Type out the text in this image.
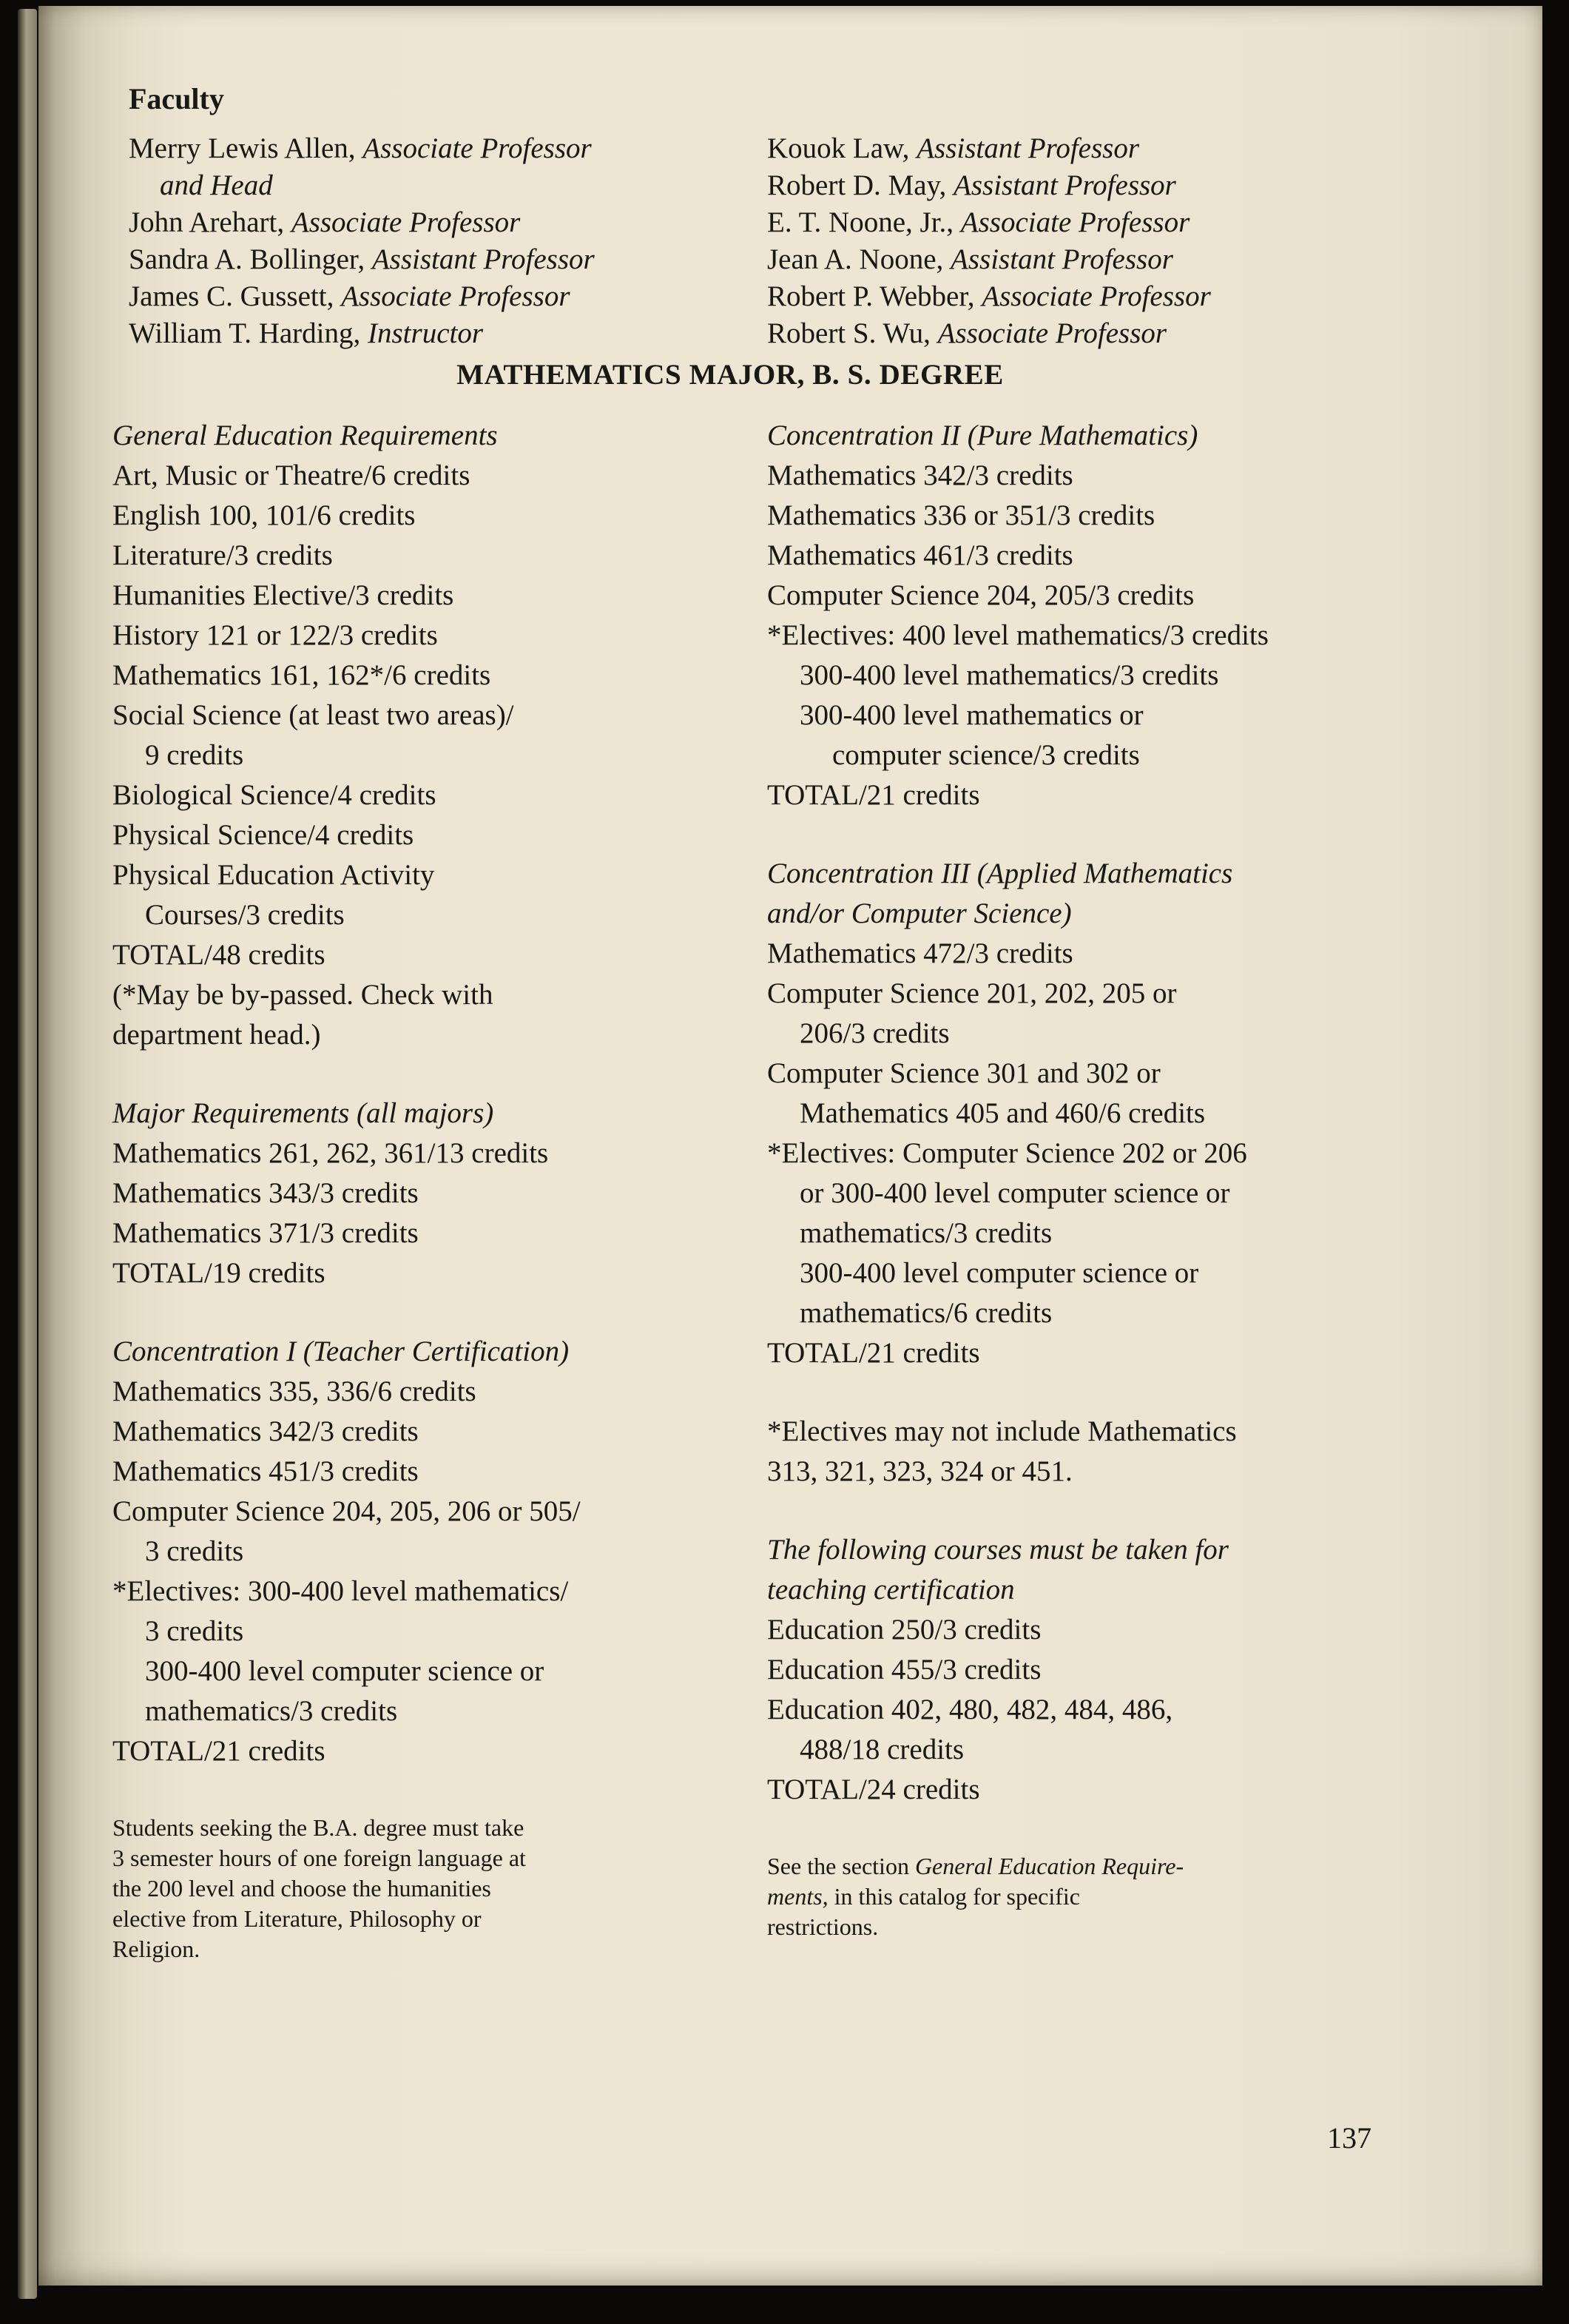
Faculty
Merry Lewis Allen, Associate Professor
and Head
John Arehart, Associate Professor
Sandra A. Bollinger, Assistant Professor
James C. Gussett, Associate Professor
William T. Harding, Instructor
Kouok Law, Assistant Professor
Robert D. May, Assistant Professor
E. T. Noone, Jr., Associate Professor
Jean A. Noone, Assistant Professor
Robert P. Webber, Associate Professor
Robert S. Wu, Associate Professor
MATHEMATICS MAJOR, B. S. DEGREE
General Education Requirements
Art, Music or Theatre/6 credits
English 100, 101/6 credits
Literature/3 credits
Humanities Elective/3 credits
History 121 or 122/3 credits
Mathematics 161, 162*/6 credits
Social Science (at least two areas)/
9 credits
Biological Science/4 credits
Physical Science/4 credits
Physical Education Activity
Courses/3 credits
TOTAL/48 credits
(*May be by-passed. Check with
department head.)
Major Requirements (all majors)
Mathematics 261, 262, 361/13 credits
Mathematics 343/3 credits
Mathematics 371/3 credits
TOTAL/19 credits
Concentration I (Teacher Certification)
Mathematics 335, 336/6 credits
Mathematics 342/3 credits
Mathematics 451/3 credits
Computer Science 204, 205, 206 or 505/
3 credits
*Electives: 300-400 level mathematics/
3 credits
300-400 level computer science or
mathematics/3 credits
TOTAL/21 credits
Students seeking the B.A. degree must take
3 semester hours of one foreign language at
the 200 level and choose the humanities
elective from Literature, Philosophy or
Religion.
Concentration II (Pure Mathematics)
Mathematics 342/3 credits
Mathematics 336 or 351/3 credits
Mathematics 461/3 credits
Computer Science 204, 205/3 credits
*Electives: 400 level mathematics/3 credits
300-400 level mathematics/3 credits
300-400 level mathematics or
computer science/3 credits
TOTAL/21 credits
Concentration III (Applied Mathematics
and/or Computer Science)
Mathematics 472/3 credits
Computer Science 201, 202, 205 or
206/3 credits
Computer Science 301 and 302 or
Mathematics 405 and 460/6 credits
*Electives: Computer Science 202 or 206
or 300-400 level computer science or
mathematics/3 credits
300-400 level computer science or
mathematics/6 credits
TOTAL/21 credits
*Electives may not include Mathematics
313, 321, 323, 324 or 451.
The following courses must be taken for
teaching certification
Education 250/3 credits
Education 455/3 credits
Education 402, 480, 482, 484, 486,
488/18 credits
TOTAL/24 credits
See the section General Education Require-
ments, in this catalog for specific
restrictions.
137
